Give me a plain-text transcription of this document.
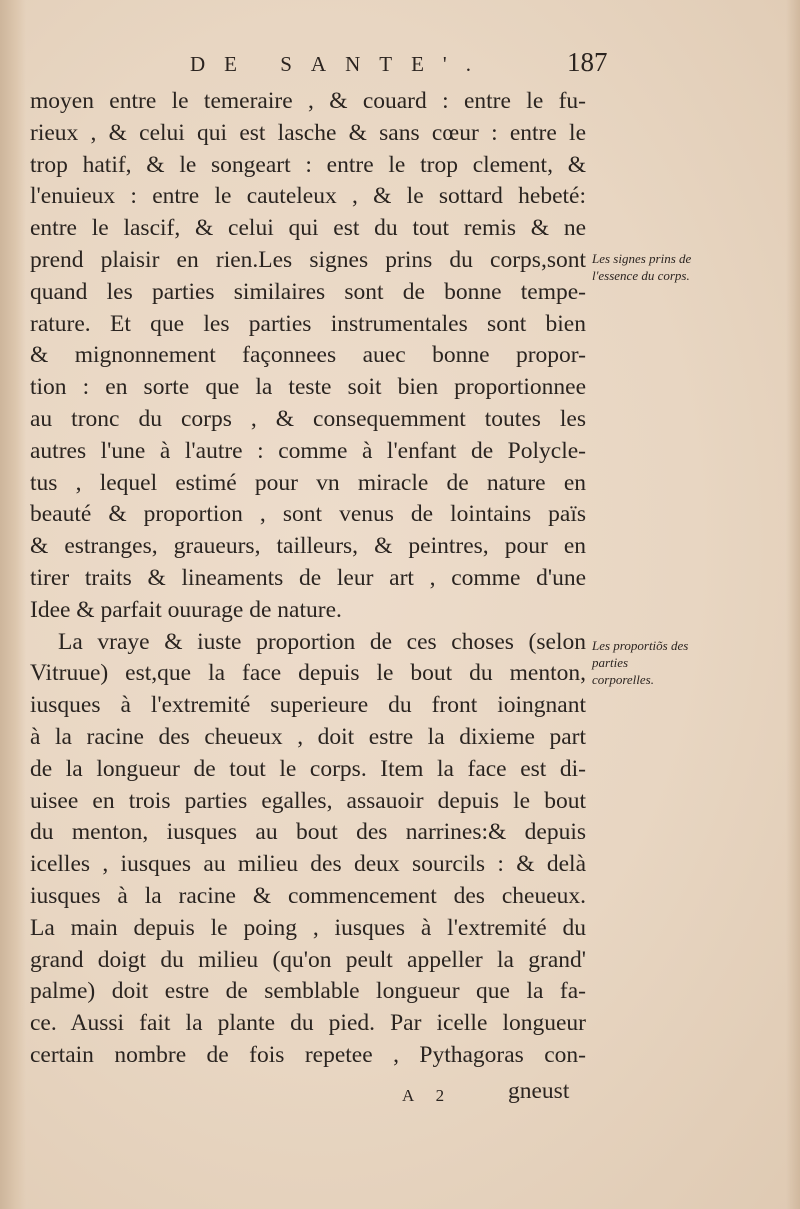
DE SANTE'.	187
moyen entre le temeraire , & couard : entre le fu-
rieux , & celui qui est lasche & sans cœur : entre le
trop hatif, & le songeart : entre le trop clement, &
l'enuieux : entre le cauteleux , & le sottard hebeté:
entre le lascif, & celui qui est du tout remis & ne
prend plaisir en rien.Les signes prins du corps,sont
quand les parties similaires sont de bonne tempe-
rature. Et que les parties instrumentales sont bien
& mignonnement façonnees auec bonne propor-
tion : en sorte que la teste soit bien proportionnee
au tronc du corps , & consequemment toutes les
autres l'une à l'autre : comme à l'enfant de Polycle-
tus , lequel estimé pour vn miracle de nature en
beauté & proportion , sont venus de lointains païs
& estranges, graueurs, tailleurs, & peintres, pour en
tirer traits & lineaments de leur art , comme d'une
Idee & parfait ouurage de nature.
La vraye & iuste proportion de ces choses (selon
Vitruue) est,que la face depuis le bout du menton,
iusques à l'extremité superieure du front ioingnant
à la racine des cheueux , doit estre la dixieme part
de la longueur de tout le corps. Item la face est di-
uisee en trois parties egalles, assauoir depuis le bout
du menton, iusques au bout des narrines:& depuis
icelles , iusques au milieu des deux sourcils : & delà
iusques à la racine & commencement des cheueux.
La main depuis le poing , iusques à l'extremité du
grand doigt du milieu (qu'on peult appeller la grand'
palme) doit estre de semblable longueur que la fa-
ce. Aussi fait la plante du pied. Par icelle longueur
certain nombre de fois repetee , Pythagoras con-
Les signes prins de l'essence du corps.
Les proportiõs des parties corporelles.
A 2 gneust
